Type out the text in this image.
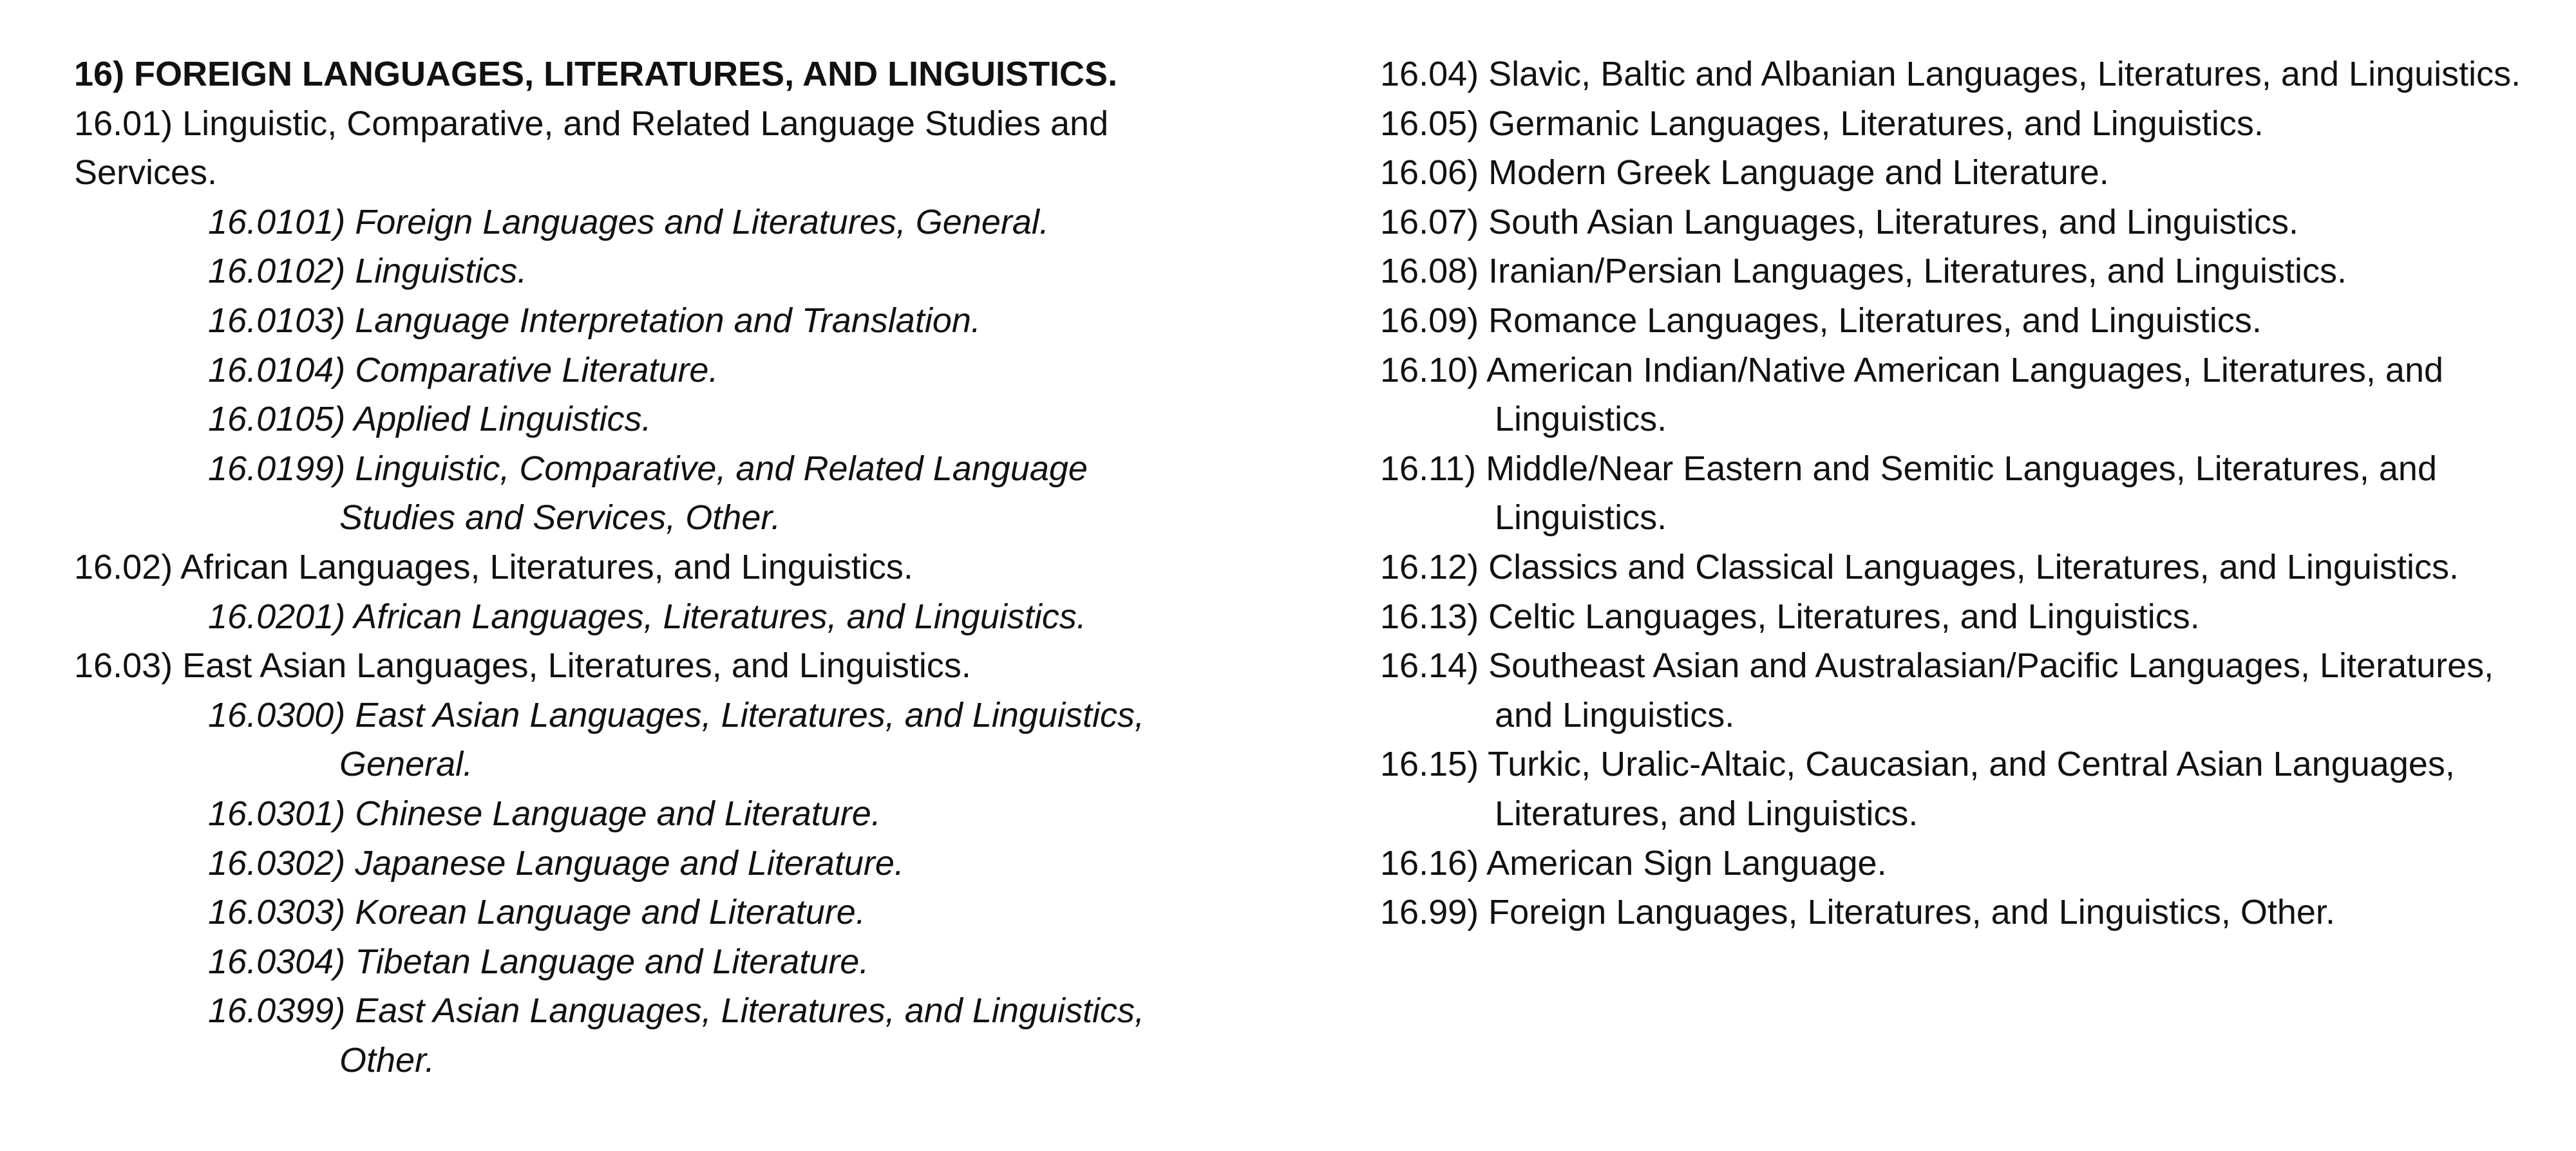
16) FOREIGN LANGUAGES, LITERATURES, AND LINGUISTICS.
16.01) Linguistic, Comparative, and Related Language Studies and
Services.
16.0101) Foreign Languages and Literatures, General.
16.0102) Linguistics.
16.0103) Language Interpretation and Translation.
16.0104) Comparative Literature.
16.0105) Applied Linguistics.
16.0199) Linguistic, Comparative, and Related Language
Studies and Services, Other.
16.02) African Languages, Literatures, and Linguistics.
16.0201) African Languages, Literatures, and Linguistics.
16.03) East Asian Languages, Literatures, and Linguistics.
16.0300) East Asian Languages, Literatures, and Linguistics,
General.
16.0301) Chinese Language and Literature.
16.0302) Japanese Language and Literature.
16.0303) Korean Language and Literature.
16.0304) Tibetan Language and Literature.
16.0399) East Asian Languages, Literatures, and Linguistics,
Other.
16.04) Slavic, Baltic and Albanian Languages, Literatures, and Linguistics.
16.05) Germanic Languages, Literatures, and Linguistics.
16.06) Modern Greek Language and Literature.
16.07) South Asian Languages, Literatures, and Linguistics.
16.08) Iranian/Persian Languages, Literatures, and Linguistics.
16.09) Romance Languages, Literatures, and Linguistics.
16.10) American Indian/Native American Languages, Literatures, and Linguistics.
16.11) Middle/Near Eastern and Semitic Languages, Literatures, and Linguistics.
16.12) Classics and Classical Languages, Literatures, and Linguistics.
16.13) Celtic Languages, Literatures, and Linguistics.
16.14) Southeast Asian and Australasian/Pacific Languages, Literatures, and Linguistics.
16.15) Turkic, Uralic-Altaic, Caucasian, and Central Asian Languages, Literatures, and Linguistics.
16.16) American Sign Language.
16.99) Foreign Languages, Literatures, and Linguistics, Other.
